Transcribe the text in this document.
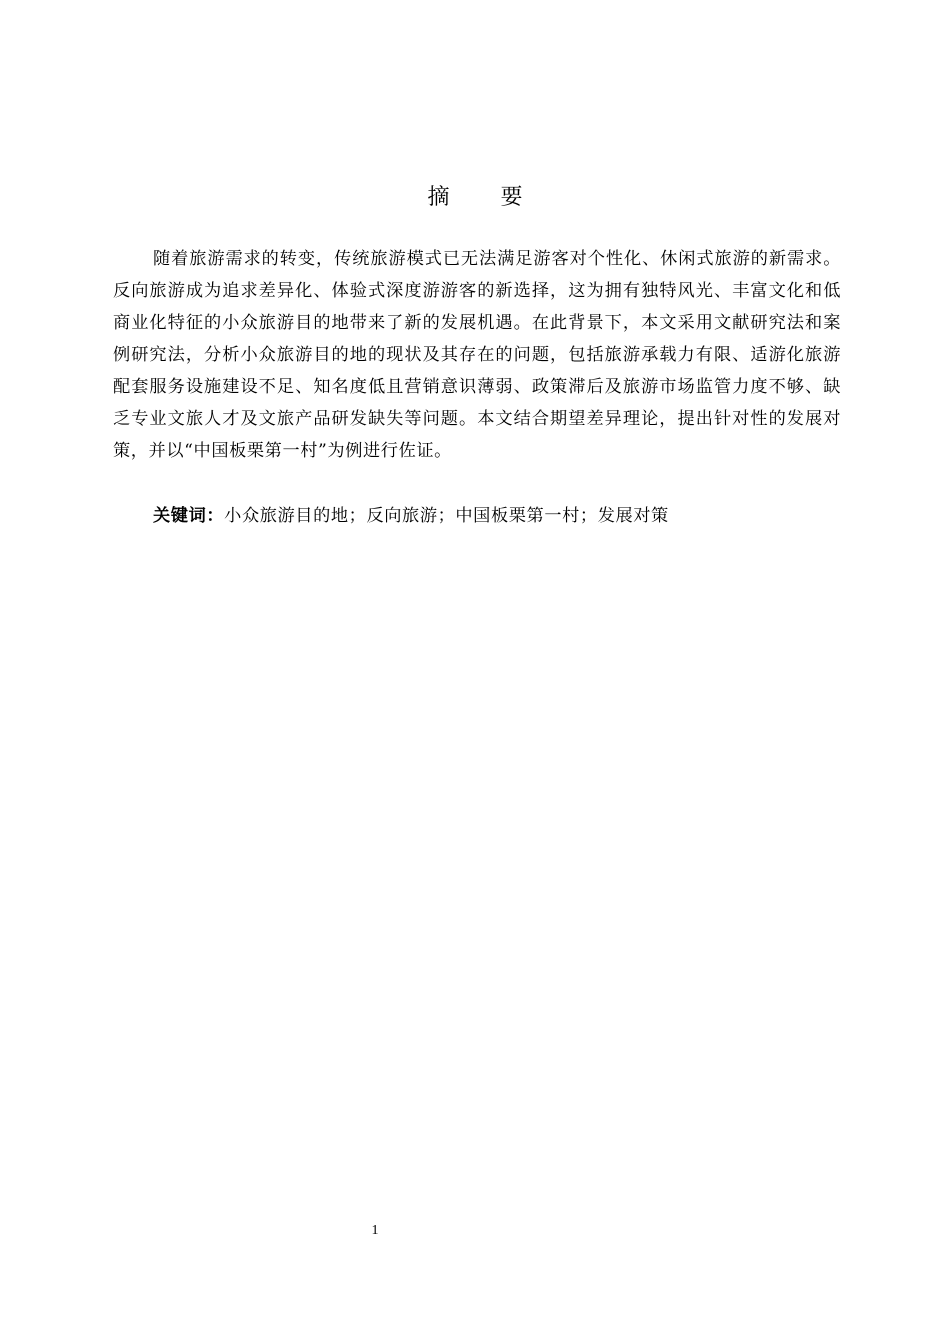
摘 要

随着旅游需求的转变，传统旅游模式已无法满足游客对个性化、休闲式旅游的新需求。反向旅游成为追求差异化、体验式深度游游客的新选择，这为拥有独特风光、丰富文化和低商业化特征的小众旅游目的地带来了新的发展机遇。在此背景下，本文采用文献研究法和案例研究法，分析小众旅游目的地的现状及其存在的问题，包括旅游承载力有限、适游化旅游配套服务设施建设不足、知名度低且营销意识薄弱、政策滞后及旅游市场监管力度不够、缺乏专业文旅人才及文旅产品研发缺失等问题。本文结合期望差异理论，提出针对性的发展对策，并以“中国板栗第一村”为例进行佐证。

关键词：小众旅游目的地；反向旅游；中国板栗第一村；发展对策
1
